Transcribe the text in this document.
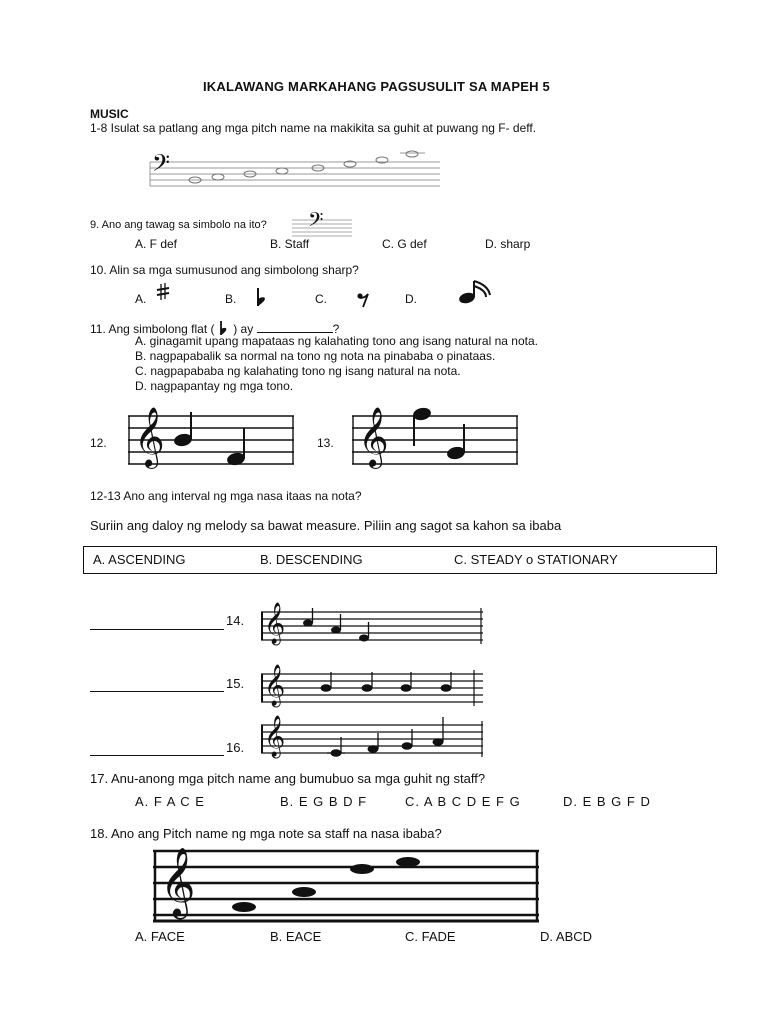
IKALAWANG MARKAHANG PAGSUSULIT SA MAPEH 5
MUSIC
1-8 Isulat sa patlang ang mga pitch name na makikita sa guhit at puwang ng F- deff.
𝄢
9. Ano ang tawag sa simbolo na ito? 𝄢
A. F def	B. Staff	C. G def	D. sharp
10. Alin sa mga sumusunod ang simbolong sharp?
A.	B.	C.	D.
11. Ang simbolong flat ( ) ay	?
A. ginagamit upang mapataas ng kalahating tono ang isang natural na nota.
B. nagpapabalik sa normal na tono ng nota na pinababa o pinataas.
C. nagpapababa ng kalahating tono ng isang natural na nota.
D. nagpapantay ng mga tono.
12. 𝄞	13. 𝄞
12-13 Ano ang interval ng mga nasa itaas na nota?
Suriin ang daloy ng melody sa bawat measure. Piliin ang sagot sa kahon sa ibaba
A. ASCENDING	B. DESCENDING	C. STEADY o STATIONARY
14. 𝄞
15. 𝄞
16. 𝄞
17. Anu-anong mga pitch name ang bumubuo sa mga guhit ng staff?
A. F A C E	B. E G B D F	C. A B C D E F G	D. E B G F D
18. Ano ang Pitch name ng mga note sa staff na nasa ibaba?
𝄞
A. FACE	B. EACE	C. FADE	D. ABCD
